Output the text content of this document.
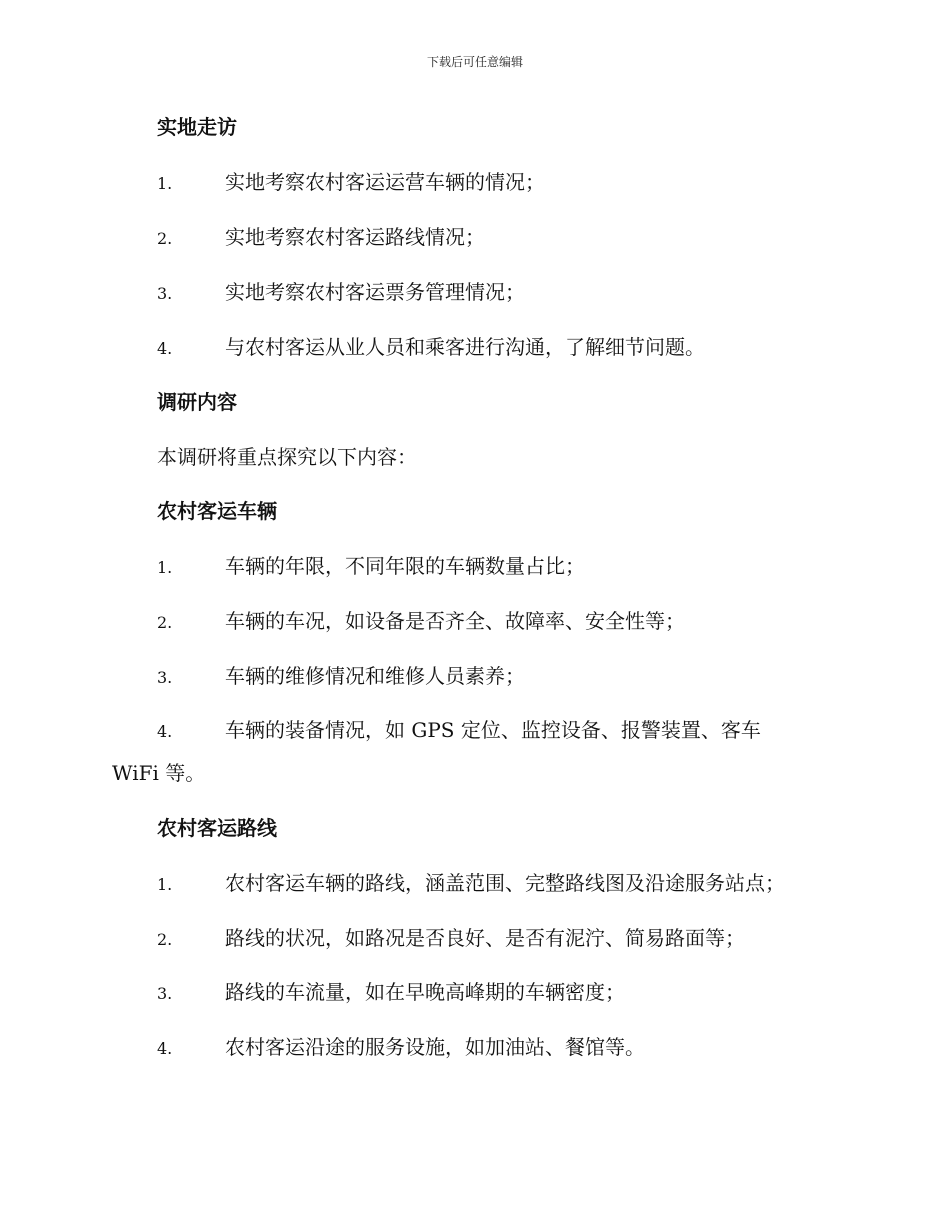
下载后可任意编辑
实地走访
1.	实地考察农村客运运营车辆的情况；
2.	实地考察农村客运路线情况；
3.	实地考察农村客运票务管理情况；
4.	与农村客运从业人员和乘客进行沟通，了解细节问题。
调研内容
本调研将重点探究以下内容：
农村客运车辆
1.	车辆的年限，不同年限的车辆数量占比；
2.	车辆的车况，如设备是否齐全、故障率、安全性等；
3.	车辆的维修情况和维修人员素养；
4.	车辆的装备情况，如 GPS 定位、监控设备、报警装置、客车
WiFi 等。
农村客运路线
1.	农村客运车辆的路线，涵盖范围、完整路线图及沿途服务站点；
2.	路线的状况，如路况是否良好、是否有泥泞、简易路面等；
3.	路线的车流量，如在早晚高峰期的车辆密度；
4.	农村客运沿途的服务设施，如加油站、餐馆等。
